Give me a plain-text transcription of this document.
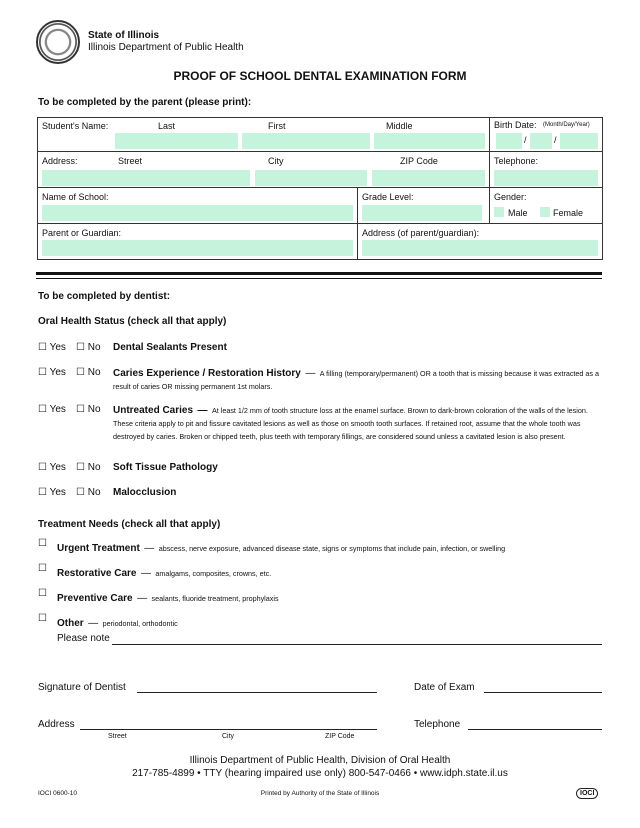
State of Illinois
Illinois Department of Public Health
PROOF OF SCHOOL DENTAL EXAMINATION FORM
To be completed by the parent (please print):
Student's Name:	Last	First	Middle	Birth Date: (Month/Day/Year)
/	/
Address:	Street	City	ZIP Code	Telephone:
Name of School:	Grade Level:	Gender:
Male	Female
Parent or Guardian:	Address (of parent/guardian):
To be completed by dentist:
Oral Health Status (check all that apply)
☐ Yes ☐ No Dental Sealants Present
☐ Yes ☐ No Caries Experience / Restoration History — A filling (temporary/permanent) OR a tooth that is missing because it was extracted as a result of caries OR missing permanent 1st molars.
☐ Yes ☐ No Untreated Caries — At least 1/2 mm of tooth structure loss at the enamel surface. Brown to dark-brown coloration of the walls of the lesion. These criteria apply to pit and fissure cavitated lesions as well as those on smooth tooth surfaces. If retained root, assume that the whole tooth was destroyed by caries. Broken or chipped teeth, plus teeth with temporary fillings, are considered sound unless a cavitated lesion is also present.
☐ Yes ☐ No Soft Tissue Pathology
☐ Yes ☐ No Malocclusion
Treatment Needs (check all that apply)
☐ Urgent Treatment — abscess, nerve exposure, advanced disease state, signs or symptoms that include pain, infection, or swelling
☐ Restorative Care — amalgams, composites, crowns, etc.
☐ Preventive Care — sealants, fluoride treatment, prophylaxis
☐ Other — periodontal, orthodontic
Please note
Signature of Dentist	Date of Exam
Address
Street	City	ZIP Code
Telephone
Illinois Department of Public Health, Division of Oral Health
217-785-4899 • TTY (hearing impaired use only) 800-547-0466 • www.idph.state.il.us
IOCI 0600-10	Printed by Authority of the State of Illinois	IOCI
